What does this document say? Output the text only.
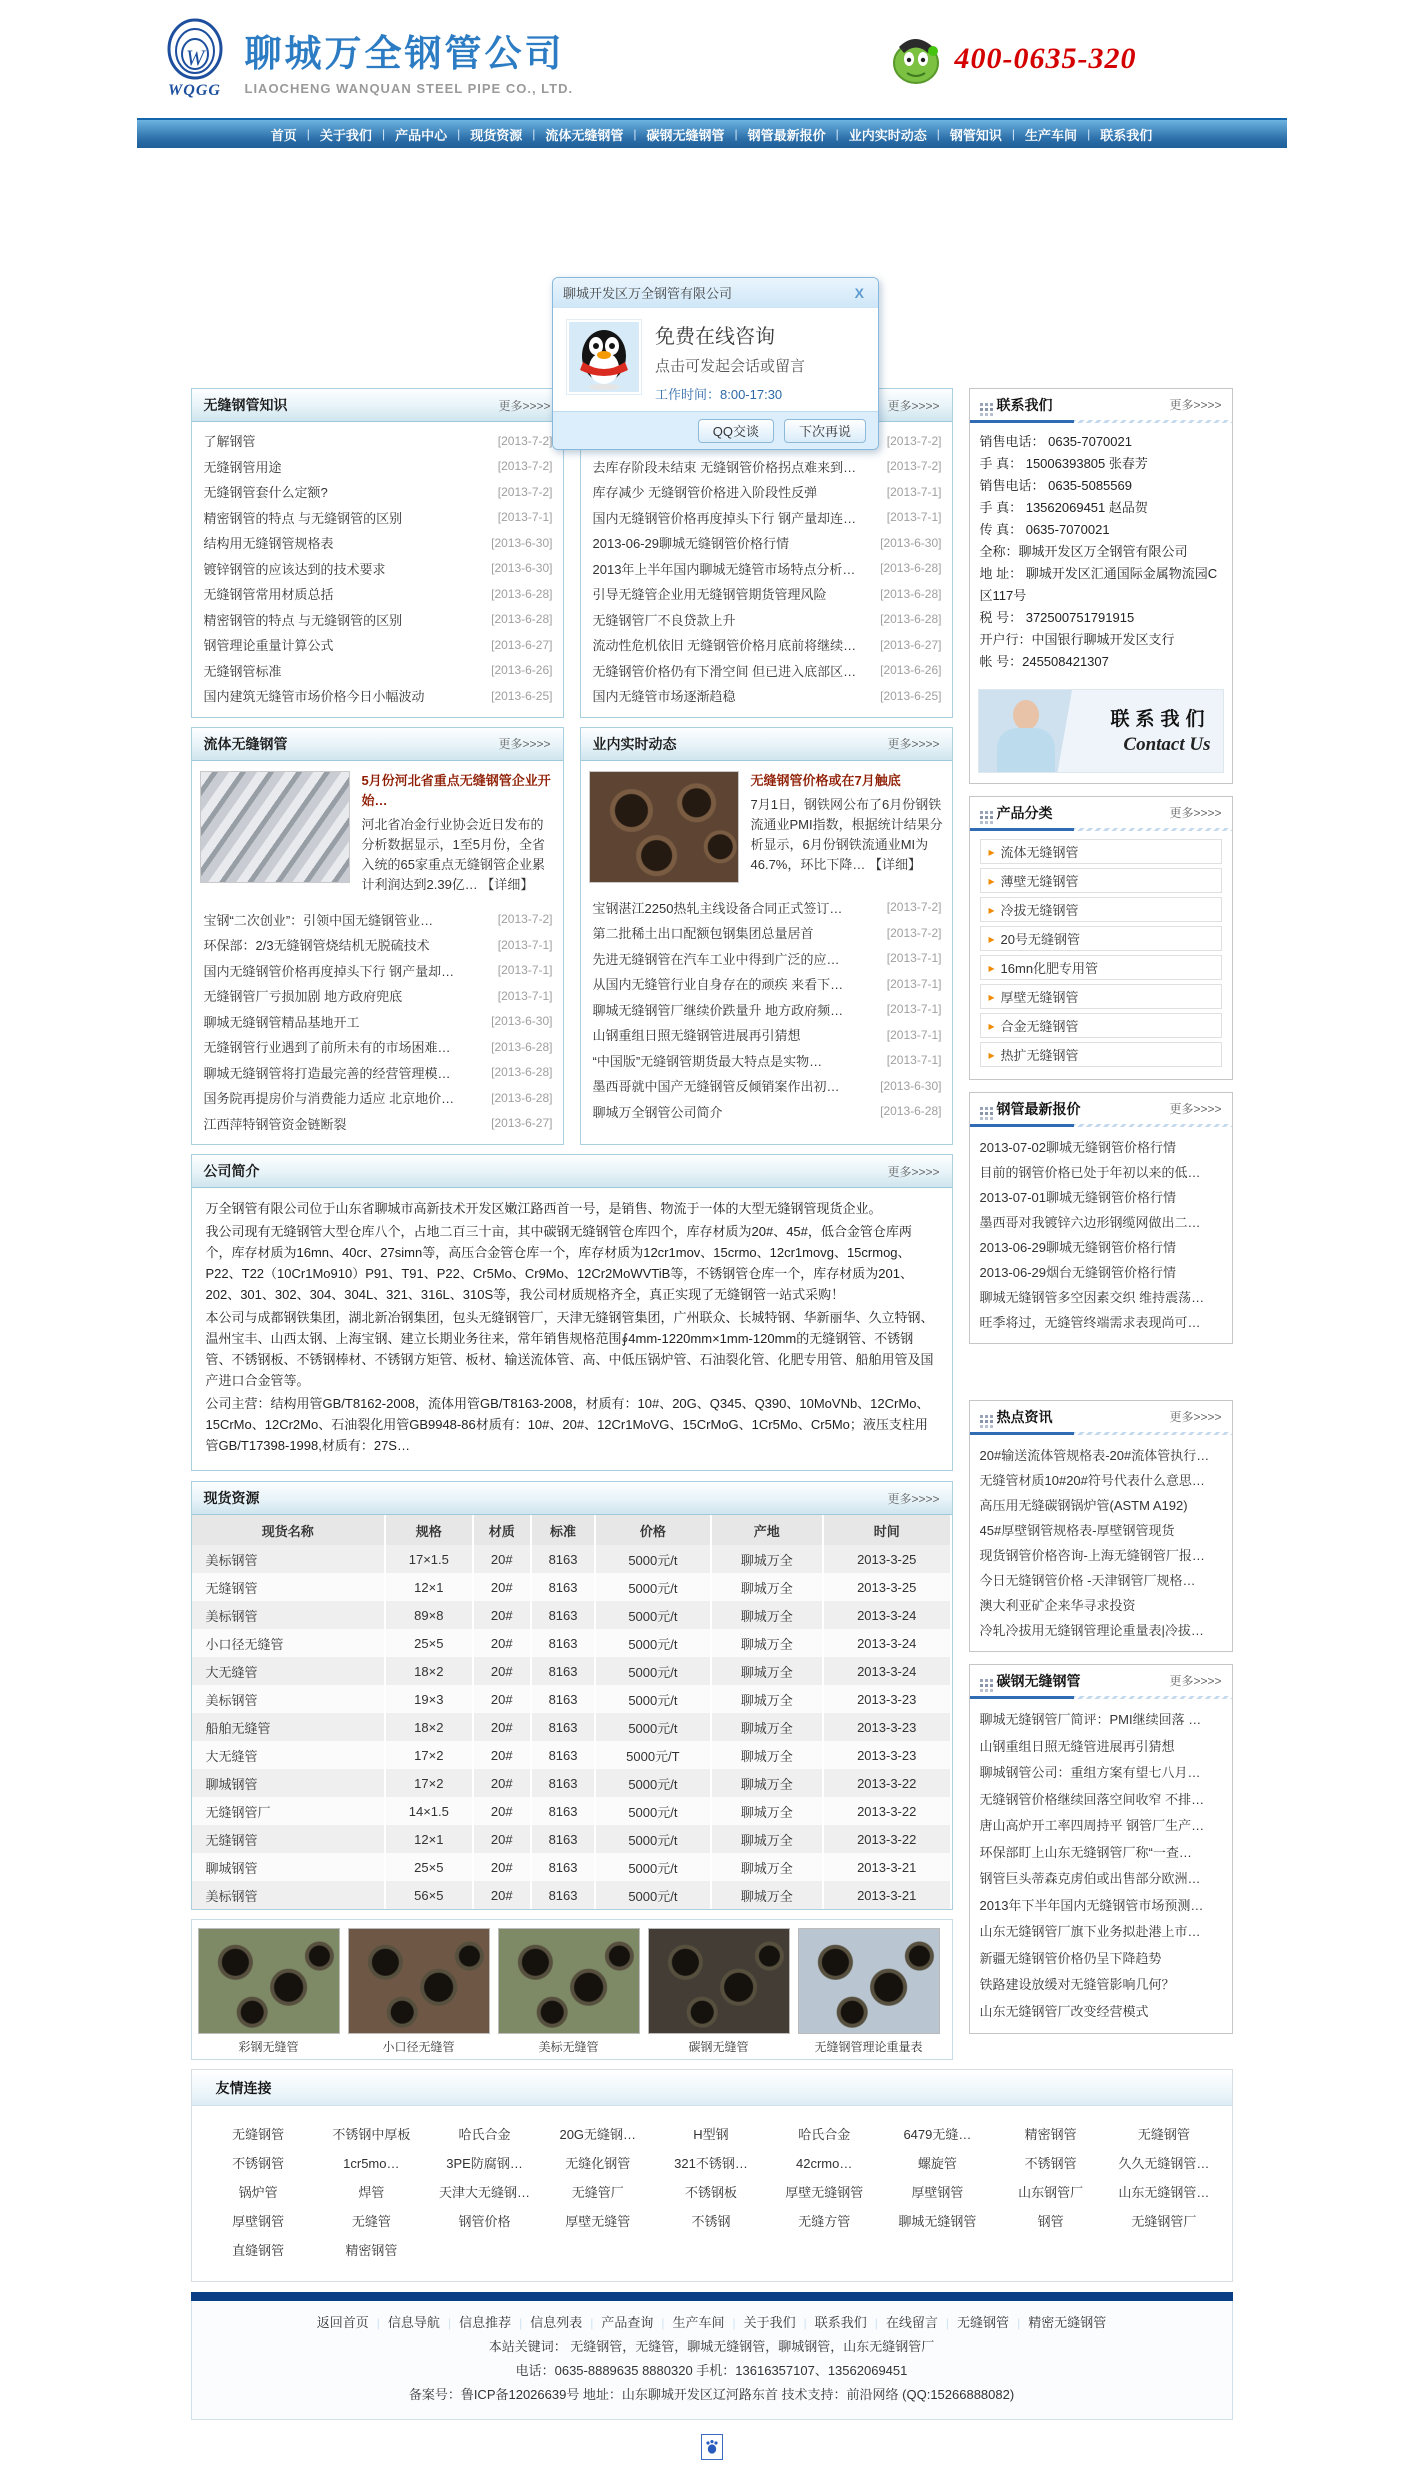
聊城开发区万全钢管有限公司	X
免费在线咨询
点击可发起会话或留言
工作时间：8:00-17:30
QQ交谈	下次再说
W
WQGG
聊城万全钢管公司
LIAOCHENG WANQUAN STEEL PIPE CO., LTD.
400-0635-320
首页 | 关于我们 | 产品中心 | 现货资源 | 流体无缝钢管 | 碳钢无缝钢管 | 钢管最新报价 | 业内实时动态 | 钢管知识 | 生产车间 | 联系我们
无缝钢管知识	更多>>>>
了解钢管	[2013-7-2]
无缝钢管用途	[2013-7-2]
无缝钢管套什么定额?	[2013-7-2]
精密钢管的特点 与无缝钢管的区别	[2013-7-1]
结构用无缝钢管规格表	[2013-6-30]
镀锌钢管的应该达到的技术要求	[2013-6-30]
无缝钢管常用材质总括	[2013-6-28]
精密钢管的特点 与无缝钢管的区别	[2013-6-28]
钢管理论重量计算公式	[2013-6-27]
无缝钢管标准	[2013-6-26]
国内建筑无缝管市场价格今日小幅波动	[2013-6-25]
更多>>>>
[2013-7-2]
去库存阶段未结束 无缝钢管价格拐点难来到…	[2013-7-2]
库存减少 无缝钢管价格进入阶段性反弹	[2013-7-1]
国内无缝钢管价格再度掉头下行 钢产量却连…	[2013-7-1]
2013-06-29聊城无缝钢管价格行情	[2013-6-30]
2013年上半年国内聊城无缝管市场特点分析… [2013-6-28]
引导无缝管企业用无缝钢管期货管理风险	[2013-6-28]
无缝钢管厂不良贷款上升	[2013-6-28]
流动性危机依旧 无缝钢管价格月底前将继续… [2013-6-27]
无缝钢管价格仍有下滑空间 但已进入底部区… [2013-6-26]
国内无缝管市场逐渐趋稳	[2013-6-25]
流体无缝钢管	更多>>>>
5月份河北省重点无缝钢管企业开始…
河北省冶金行业协会近日发布的分析数据显示，1至5月份，全省入统的65家重点无缝钢管企业累计利润达到2.39亿… 【详细】
宝钢“二次创业”：引领中国无缝钢管业…	[2013-7-2]
环保部：2/3无缝钢管烧结机无脱硫技术	[2013-7-1]
国内无缝钢管价格再度掉头下行 钢产量却…	[2013-7-1]
无缝钢管厂亏损加剧 地方政府兜底	[2013-7-1]
聊城无缝钢管精品基地开工	[2013-6-30]
无缝钢管行业遇到了前所未有的市场困难…	[2013-6-28]
聊城无缝钢管将打造最完善的经营管理模…	[2013-6-28]
国务院再提房价与消费能力适应 北京地价…	[2013-6-28]
江西萍特钢管资金链断裂	[2013-6-27]
业内实时动态	更多>>>>
无缝钢管价格或在7月触底
7月1日，钢铁网公布了6月份钢铁流通业PMI指数，根据统计结果分析显示，6月份钢铁流通业MI为46.7%，环比下降… 【详细】
宝钢湛江2250热轧主线设备合同正式签订…	[2013-7-2]
第二批稀土出口配额包钢集团总量居首	[2013-7-2]
先进无缝钢管在汽车工业中得到广泛的应…	[2013-7-1]
从国内无缝管行业自身存在的顽疾 来看下…	[2013-7-1]
聊城无缝钢管厂继续价跌量升 地方政府频…	[2013-7-1]
山钢重组日照无缝钢管进展再引猜想	[2013-7-1]
“中国版”无缝钢管期货最大特点是实物…	[2013-7-1]
墨西哥就中国产无缝钢管反倾销案作出初…	[2013-6-30]
聊城万全钢管公司简介	[2013-6-28]
公司简介	更多>>>>

万全钢管有限公司位于山东省聊城市高新技术开发区嫩江路西首一号，是销售、物流于一体的大型无缝钢管现货企业。

我公司现有无缝钢管大型仓库八个，占地二百三十亩，其中碳钢无缝钢管仓库四个，库存材质为20#、45#，低合金管仓库两个，库存材质为16mn、40cr、27simn等，高压合金管仓库一个，库存材质为12cr1mov、15crmo、12cr1movg、15crmog、P22、T22（10Cr1Mo910）P91、T91、P22、Cr5Mo、Cr9Mo、12Cr2MoWVTiB等，不锈钢管仓库一个，库存材质为201、202、301、302、304、304L、321、316L、310S等，我公司材质规格齐全，真正实现了无缝钢管一站式采购！

本公司与成都钢铁集团，湖北新冶钢集团，包头无缝钢管厂，天津无缝钢管集团，广州联众、长城特钢、华新丽华、久立特钢、温州宝丰、山西太钢、上海宝钢、建立长期业务往来，常年销售规格范围∮4mm-1220mm×1mm-120mm的无缝钢管、不锈钢管、不锈钢板、不锈钢棒材、不锈钢方矩管、板材、输送流体管、高、中低压锅炉管、石油裂化管、化肥专用管、船舶用管及国产进口合金管等。

公司主营：结构用管GB/T8162-2008，流体用管GB/T8163-2008，材质有：10#、20G、Q345、Q390、10MoVNb、12CrMo、15CrMo、12Cr2Mo、石油裂化用管GB9948-86材质有：10#、20#、12Cr1MoVG、15CrMoG、1Cr5Mo、Cr5Mo；液压支柱用管GB/T17398-1998,材质有：27S…

现货资源	更多>>>>
现货名称	规格	材质	标准	价格	产地	时间
美标钢管	17×1.5	20#	8163	5000元/t	聊城万全	2013-3-25
无缝钢管	12×1	20#	8163	5000元/t	聊城万全	2013-3-25
美标钢管	89×8	20#	8163	5000元/t	聊城万全	2013-3-24
小口径无缝管	25×5	20#	8163	5000元/t	聊城万全	2013-3-24
大无缝管	18×2	20#	8163	5000元/t	聊城万全	2013-3-24
美标钢管	19×3	20#	8163	5000元/t	聊城万全	2013-3-23
船舶无缝管	18×2	20#	8163	5000元/t	聊城万全	2013-3-23
大无缝管	17×2	20#	8163	5000元/T	聊城万全	2013-3-23
聊城钢管	17×2	20#	8163	5000元/t	聊城万全	2013-3-22
无缝钢管厂	14×1.5	20#	8163	5000元/t	聊城万全	2013-3-22
无缝钢管	12×1	20#	8163	5000元/t	聊城万全	2013-3-22
聊城钢管	25×5	20#	8163	5000元/t	聊城万全	2013-3-21
美标钢管	56×5	20#	8163	5000元/t	聊城万全	2013-3-21
彩钢无缝管	小口径无缝管	美标无缝管	碳钢无缝管	无缝钢管理论重量表
联系我们	更多>>>>
销售电话： 0635-7070021
手 真： 15006393805 张春芳
销售电话： 0635-5085569
手 真： 13562069451 赵品贺
传 真： 0635-7070021
全称：聊城开发区万全钢管有限公司
地 址： 聊城开发区汇通国际金属物流园C区117号
税 号： 372500751791915
开户行：中国银行聊城开发区支行
帐 号：245508421307
联系我们
Contact Us
产品分类	更多>>>>
▸ 流体无缝钢管
▸ 薄壁无缝钢管
▸ 冷拔无缝钢管
▸ 20号无缝钢管
▸ 16mn化肥专用管
▸ 厚壁无缝钢管
▸ 合金无缝钢管
▸ 热扩无缝钢管
钢管最新报价	更多>>>>
2013-07-02聊城无缝钢管价格行情
目前的钢管价格已处于年初以来的低…
2013-07-01聊城无缝钢管价格行情
墨西哥对我镀锌六边形钢缆网做出二…
2013-06-29聊城无缝钢管价格行情
2013-06-29烟台无缝钢管价格行情
聊城无缝钢管多空因素交织 维持震荡…
旺季将过，无缝管终端需求表现尚可…
热点资讯	更多>>>>
20#输送流体管规格表-20#流体管执行…
无缝管材质10#20#符号代表什么意思…
高压用无缝碳钢锅炉管(ASTM A192)
45#厚壁钢管规格表-厚壁钢管现货
现货钢管价格咨询-上海无缝钢管厂报…
今日无缝钢管价格 -天津钢管厂规格…
澳大利亚矿企来华寻求投资
冷轧冷拔用无缝钢管理论重量表|冷拔…
碳钢无缝钢管	更多>>>>
聊城无缝钢管厂简评：PMI继续回落 …
山钢重组日照无缝管进展再引猜想
聊城钢管公司：重组方案有望七八月…
无缝钢管价格继续回落空间收窄 不排…
唐山高炉开工率四周持平 钢管厂生产…
环保部盯上山东无缝钢管厂称“一查…
钢管巨头蒂森克虏伯或出售部分欧洲…
2013年下半年国内无缝钢管市场预测…
山东无缝钢管厂旗下业务拟赴港上市…
新疆无缝钢管价格仍呈下降趋势
铁路建设放缓对无缝管影响几何？
山东无缝钢管厂改变经营模式
友情连接
无缝钢管	不锈钢中厚板	哈氏合金	20G无缝钢…	H型钢	哈氏合金	6479无缝…	精密钢管	无缝钢管
不锈钢管	1cr5mo…	3PE防腐钢…	无缝化钢管	321不锈钢…	42crmo…	螺旋管	不锈钢管	久久无缝钢管…
锅炉管	焊管	天津大无缝钢…	无缝管厂	不锈钢板	厚壁无缝钢管	厚壁钢管	山东钢管厂	山东无缝钢管…
厚壁钢管	无缝管	钢管价格	厚壁无缝管	不锈钢	无缝方管	聊城无缝钢管	钢管	无缝钢管厂
直缝钢管	精密钢管
返回首页 | 信息导航 | 信息推荐 | 信息列表 | 产品查询 | 生产车间 | 关于我们 | 联系我们 | 在线留言 | 无缝钢管 | 精密无缝钢管
本站关键词： 无缝钢管，无缝管，聊城无缝钢管，聊城钢管，山东无缝钢管厂
电话：0635-8889635 8880320 手机：13616357107、13562069451
备案号：鲁ICP备12026639号 地址：山东聊城开发区辽河路东首 技术支持：前沿网络 (QQ:15266888082)
